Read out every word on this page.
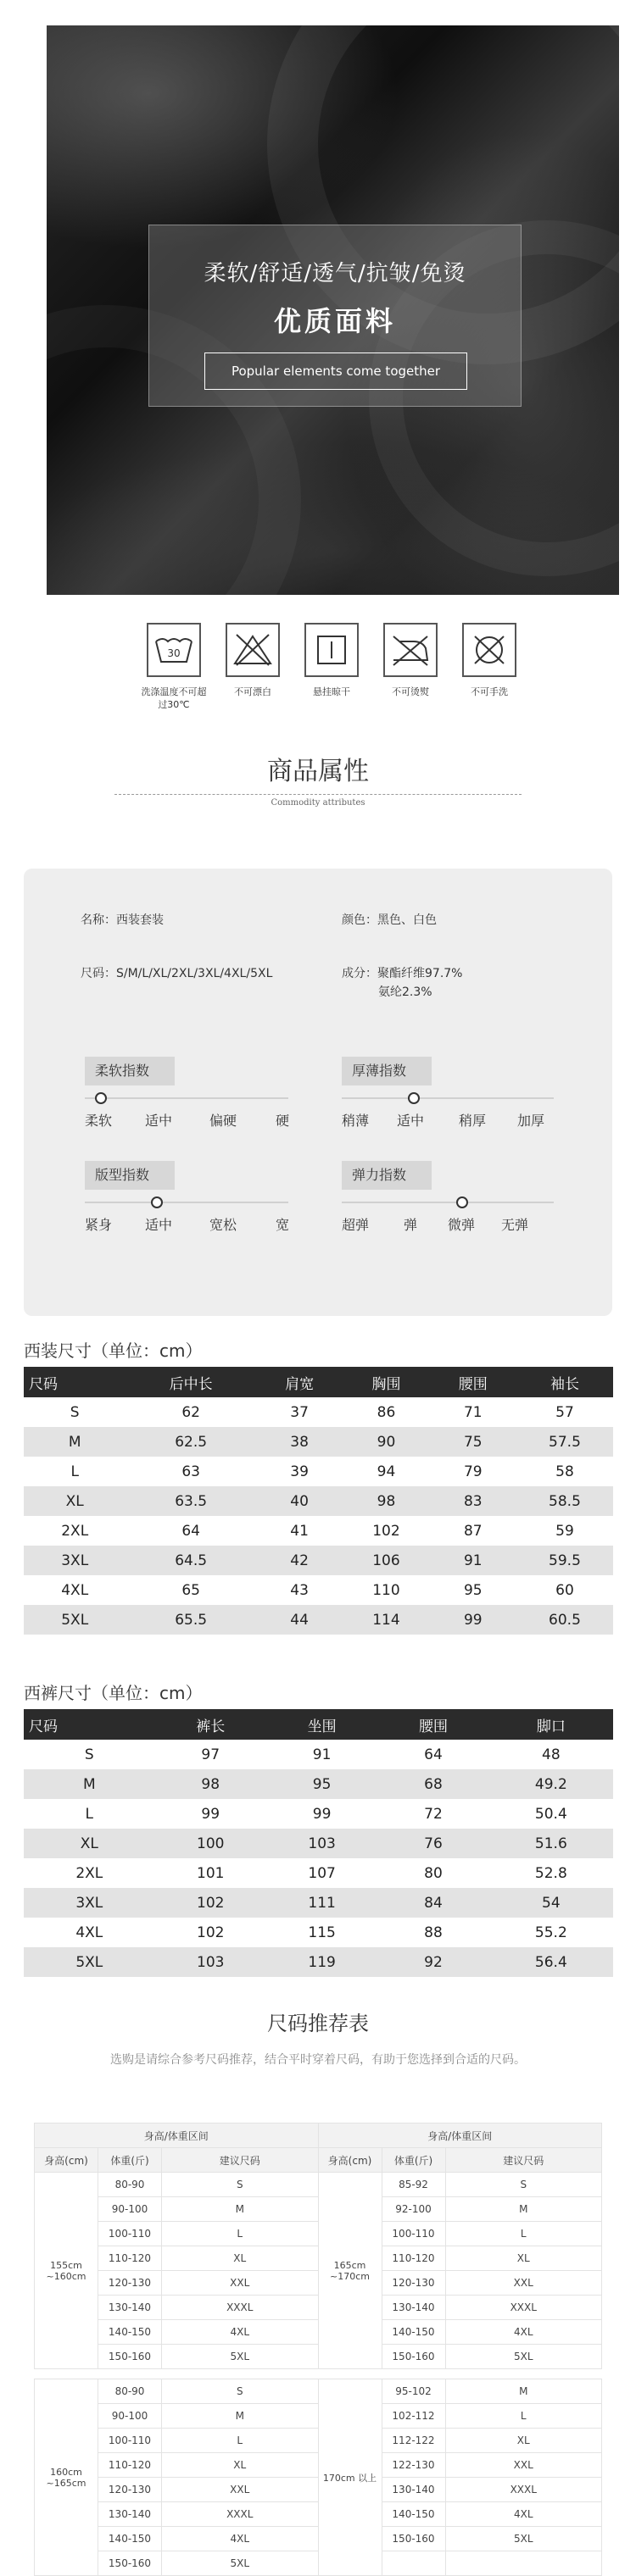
柔软/舒适/透气/抗皱/免烫
优质面料
Popular elements come together
30
洗涤温度不可超过30℃
不可漂白	悬挂晾干	不可烫熨	不可手洗
商品属性
Commodity attributes
名称：西装套装	颜色：黑色、白色
尺码：S/M/L/XL/2XL/3XL/4XL/5XL	成分：聚酯纤维97.7%
氨纶2.3%
柔软指数
柔软 适中	偏硬	硬
厚薄指数
稍薄 适中	稍厚 加厚
版型指数
紧身 适中	宽松	宽
弹力指数
超弹	弹 微弹 无弹
西装尺寸（单位：cm）
尺码	后中长	肩宽	胸围	腰围	袖长
S	62	37	86	71	57
M	62.5	38	90	75	57.5
L	63	39	94	79	58
XL	63.5	40	98	83	58.5
2XL	64	41	102	87	59
3XL	64.5	42	106	91	59.5
4XL	65	43	110	95	60
5XL	65.5	44	114	99	60.5
西裤尺寸（单位：cm）
尺码	裤长	坐围	腰围	脚口
S	97	91	64	48
M	98	95	68	49.2
L	99	99	72	50.4
XL	100	103	76	51.6
2XL	101	107	80	52.8
3XL	102	111	84	54
4XL	102	115	88	55.2
5XL	103	119	92	56.4
尺码推荐表
选购是请综合参考尺码推荐，结合平时穿着尺码，有助于您选择到合适的尺码。
身高/体重区间			身高/体重区间		
身高(cm)	体重(斤)	建议尺码	身高(cm)	体重(斤)	建议尺码
155cm ~160cm	80-90	S	165cm ~170cm	85-92	S
	90-100	M		92-100	M
	100-110	L		100-110	L
	110-120	XL		110-120	XL
	120-130	XXL		120-130	XXL
	130-140	XXXL		130-140	XXXL
	140-150	4XL		140-150	4XL
	150-160	5XL		150-160	5XL

160cm ~165cm	80-90	S	170cm 以上	95-102	M
	90-100	M		102-112	L
	100-110	L		112-122	XL
	110-120	XL		122-130	XXL
	120-130	XXL		130-140	XXXL
	130-140	XXXL		140-150	4XL
	140-150	4XL		150-160	5XL
	150-160	5XL			
